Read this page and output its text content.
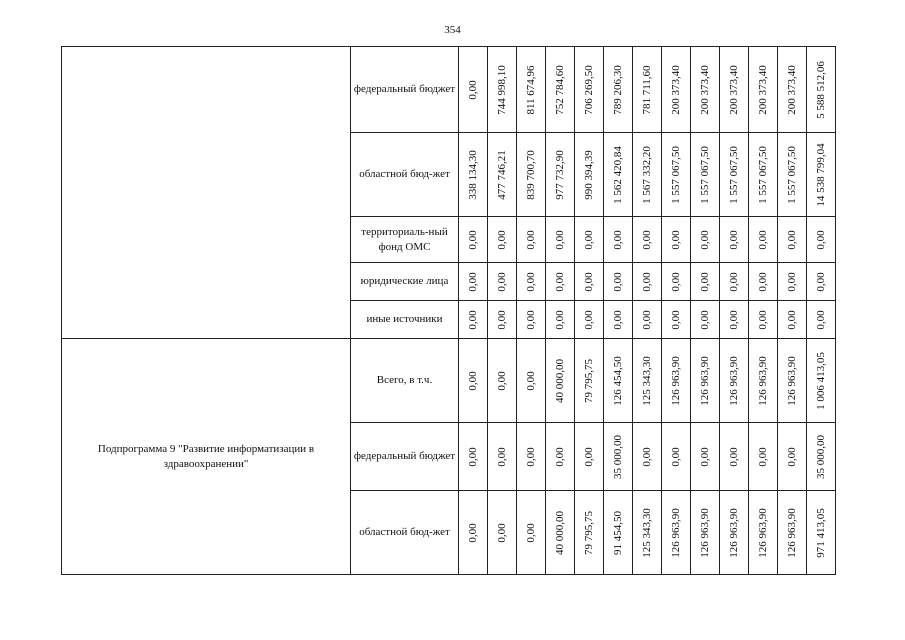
354
	федеральный бюджет	0,00	744 998,10	811 674,96	752 784,60	706 269,50	789 206,30	781 711,60	200 373,40	200 373,40	200 373,40	200 373,40	200 373,40	5 588 512,06

	областной бюд-жет	338 134,30	477 746,21	839 700,70	977 732,90	990 394,39	1 562 420,84	1 567 332,20	1 557 067,50	1 557 067,50	1 557 067,50	1 557 067,50	1 557 067,50	14 538 799,04

	территориаль-ный фонд ОМС	0,00	0,00	0,00	0,00	0,00	0,00	0,00	0,00	0,00	0,00	0,00	0,00	0,00

	юридические лица	0,00	0,00	0,00	0,00	0,00	0,00	0,00	0,00	0,00	0,00	0,00	0,00	0,00

	иные источники	0,00	0,00	0,00	0,00	0,00	0,00	0,00	0,00	0,00	0,00	0,00	0,00	0,00

Подпрограмма 9 "Развитие информатизации в здравоохранении"	Всего, в т.ч.	0,00	0,00	0,00	40 000,00	79 795,75	126 454,50	125 343,30	126 963,90	126 963,90	126 963,90	126 963,90	126 963,90	1 006 413,05

	федеральный бюджет	0,00	0,00	0,00	0,00	0,00	35 000,00	0,00	0,00	0,00	0,00	0,00	0,00	35 000,00

	областной бюд-жет	0,00	0,00	0,00	40 000,00	79 795,75	91 454,50	125 343,30	126 963,90	126 963,90	126 963,90	126 963,90	126 963,90	971 413,05
